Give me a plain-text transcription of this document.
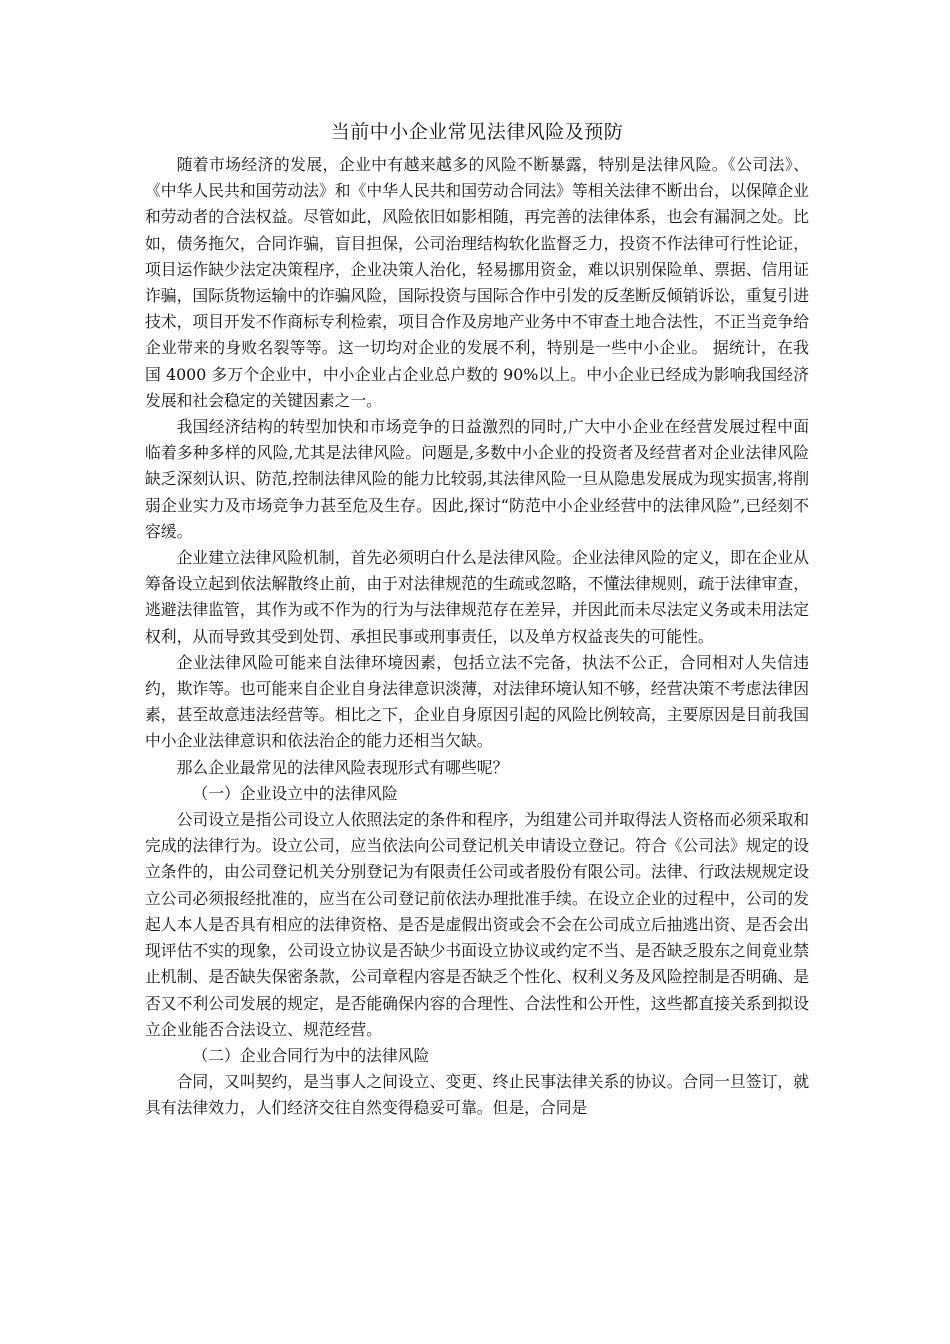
当前中小企业常见法律风险及预防

随着市场经济的发展，企业中有越来越多的风险不断暴露，特别是法律风险。《公司法》、《中华人民共和国劳动法》和《中华人民共和国劳动合同法》等相关法律不断出台，以保障企业和劳动者的合法权益。尽管如此，风险依旧如影相随，再完善的法律体系，也会有漏洞之处。比如，债务拖欠，合同诈骗，盲目担保，公司治理结构软化监督乏力，投资不作法律可行性论证，项目运作缺少法定决策程序，企业决策人治化，轻易挪用资金，难以识别保险单、票据、信用证诈骗，国际货物运输中的诈骗风险，国际投资与国际合作中引发的反垄断反倾销诉讼，重复引进技术，项目开发不作商标专利检索，项目合作及房地产业务中不审查土地合法性，不正当竞争给企业带来的身败名裂等等。这一切均对企业的发展不利，特别是一些中小企业。 据统计，在我国 4000 多万个企业中，中小企业占企业总户数的 90%以上。中小企业已经成为影响我国经济发展和社会稳定的关键因素之一。

我国经济结构的转型加快和市场竞争的日益激烈的同时,广大中小企业在经营发展过程中面临着多种多样的风险,尤其是法律风险。问题是,多数中小企业的投资者及经营者对企业法律风险缺乏深刻认识、防范,控制法律风险的能力比较弱,其法律风险一旦从隐患发展成为现实损害,将削弱企业实力及市场竞争力甚至危及生存。因此,探讨“防范中小企业经营中的法律风险”,已经刻不容缓。

企业建立法律风险机制，首先必须明白什么是法律风险。企业法律风险的定义，即在企业从筹备设立起到依法解散终止前，由于对法律规范的生疏或忽略，不懂法律规则，疏于法律审查，逃避法律监管，其作为或不作为的行为与法律规范存在差异，并因此而未尽法定义务或未用法定权利，从而导致其受到处罚、承担民事或刑事责任，以及单方权益丧失的可能性。

企业法律风险可能来自法律环境因素，包括立法不完备，执法不公正，合同相对人失信违约，欺诈等。也可能来自企业自身法律意识淡薄，对法律环境认知不够，经营决策不考虑法律因素，甚至故意违法经营等。相比之下，企业自身原因引起的风险比例较高，主要原因是目前我国中小企业法律意识和依法治企的能力还相当欠缺。

那么企业最常见的法律风险表现形式有哪些呢？

（一）企业设立中的法律风险

公司设立是指公司设立人依照法定的条件和程序，为组建公司并取得法人资格而必须采取和完成的法律行为。设立公司，应当依法向公司登记机关申请设立登记。符合《公司法》规定的设立条件的，由公司登记机关分别登记为有限责任公司或者股份有限公司。法律、行政法规规定设立公司必须报经批准的，应当在公司登记前依法办理批准手续。在设立企业的过程中，公司的发起人本人是否具有相应的法律资格、是否是虚假出资或会不会在公司成立后抽逃出资、是否会出现评估不实的现象，公司设立协议是否缺少书面设立协议或约定不当、是否缺乏股东之间竟业禁止机制、是否缺失保密条款，公司章程内容是否缺乏个性化、权利义务及风险控制是否明确、是否又不利公司发展的规定，是否能确保内容的合理性、合法性和公开性，这些都直接关系到拟设立企业能否合法设立、规范经营。

（二）企业合同行为中的法律风险

合同，又叫契约，是当事人之间设立、变更、终止民事法律关系的协议。合同一旦签订，就具有法律效力，人们经济交往自然变得稳妥可靠。但是，合同是
